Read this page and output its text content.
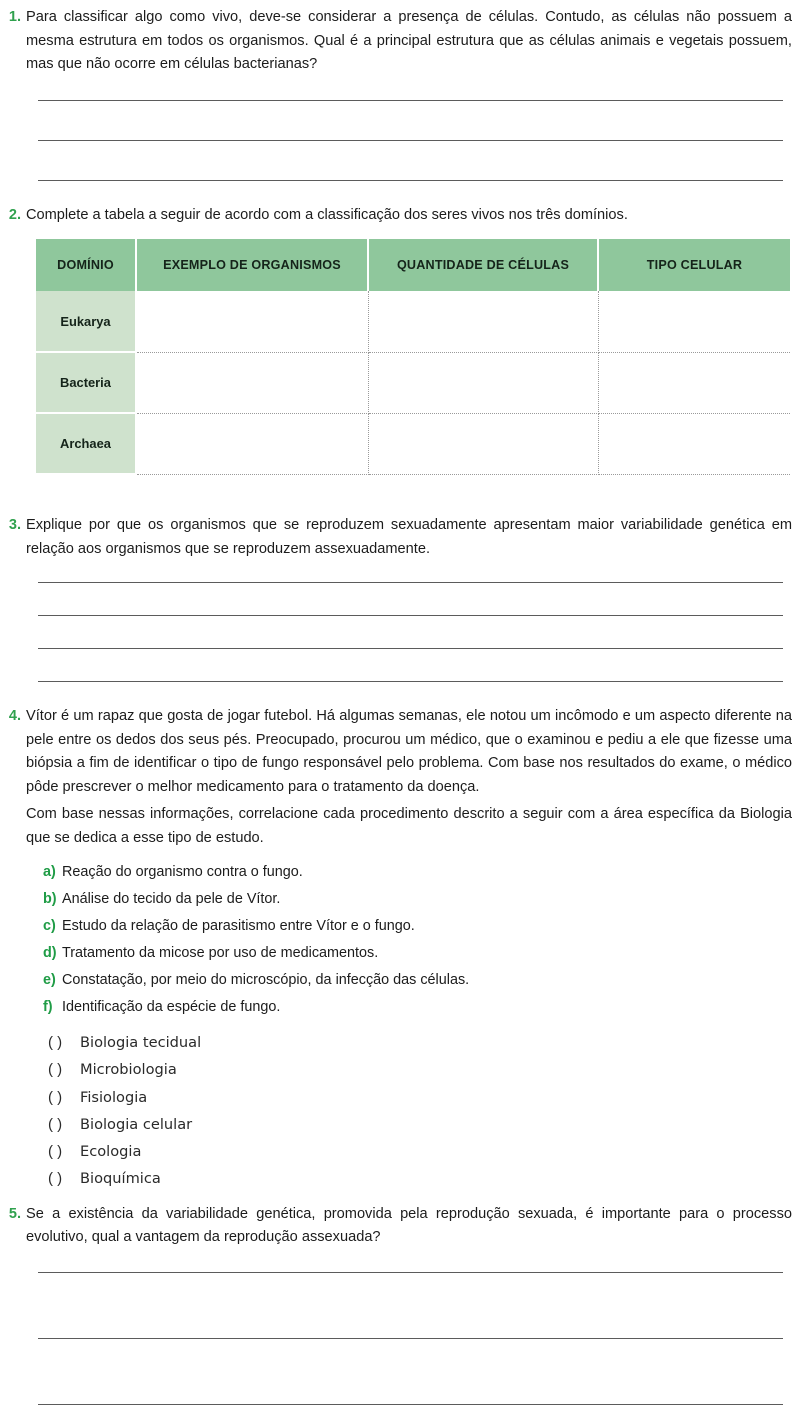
1. Para classificar algo como vivo, deve-se considerar a presença de células. Contudo, as células não possuem a mesma estrutura em todos os organismos. Qual é a principal estrutura que as células animais e vegetais possuem, mas que não ocorre em células bacterianas?
2. Complete a tabela a seguir de acordo com a classificação dos seres vivos nos três domínios.
DOMÍNIO	EXEMPLO DE ORGANISMOS	QUANTIDADE DE CÉLULAS	TIPO CELULAR
Eukarya			
Bacteria			
Archaea			
3. Explique por que os organismos que se reproduzem sexuadamente apresentam maior variabilidade genética em relação aos organismos que se reproduzem assexuadamente.
4. Vítor é um rapaz que gosta de jogar futebol. Há algumas semanas, ele notou um incômodo e um aspecto diferente na pele entre os dedos dos seus pés. Preocupado, procurou um médico, que o examinou e pediu a ele que fizesse uma biópsia a fim de identificar o tipo de fungo responsável pelo problema. Com base nos resultados do exame, o médico pôde prescrever o melhor medicamento para o tratamento da doença.
Com base nessas informações, correlacione cada procedimento descrito a seguir com a área específica da Biologia que se dedica a esse tipo de estudo.
a) Reação do organismo contra o fungo.
b) Análise do tecido da pele de Vítor.
c) Estudo da relação de parasitismo entre Vítor e o fungo.
d) Tratamento da micose por uso de medicamentos.
e) Constatação, por meio do microscópio, da infecção das células.
f) Identificação da espécie de fungo.
( )	Biologia tecidual
( )	Microbiologia
( )	Fisiologia
( )	Biologia celular
( )	Ecologia
( )	Bioquímica
5. Se a existência da variabilidade genética, promovida pela reprodução sexuada, é importante para o processo evolutivo, qual a vantagem da reprodução assexuada?
